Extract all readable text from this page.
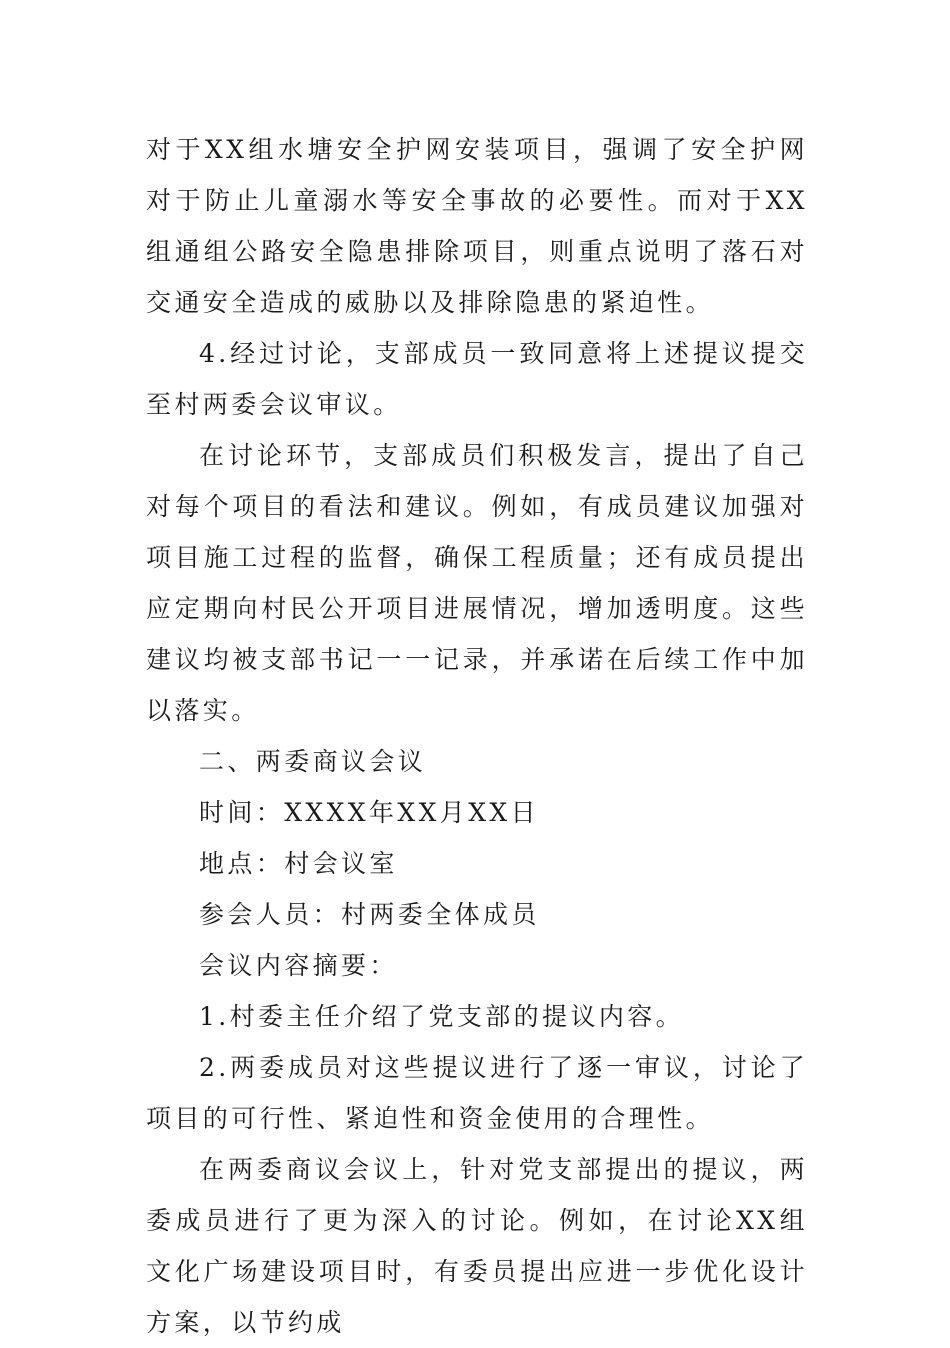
对于XX组水塘安全护网安装项目，强调了安全护网对于防止儿童溺水等安全事故的必要性。而对于XX组通组公路安全隐患排除项目，则重点说明了落石对交通安全造成的威胁以及排除隐患的紧迫性。

4.经过讨论，支部成员一致同意将上述提议提交至村两委会议审议。

在讨论环节，支部成员们积极发言，提出了自己对每个项目的看法和建议。例如，有成员建议加强对项目施工过程的监督，确保工程质量；还有成员提出应定期向村民公开项目进展情况，增加透明度。这些建议均被支部书记一一记录，并承诺在后续工作中加以落实。

二、两委商议会议

时间：XXXX年XX月XX日

地点：村会议室

参会人员：村两委全体成员

会议内容摘要：

1.村委主任介绍了党支部的提议内容。

2.两委成员对这些提议进行了逐一审议，讨论了项目的可行性、紧迫性和资金使用的合理性。

在两委商议会议上，针对党支部提出的提议，两委成员进行了更为深入的讨论。例如，在讨论XX组文化广场建设项目时，有委员提出应进一步优化设计方案，以节约成
